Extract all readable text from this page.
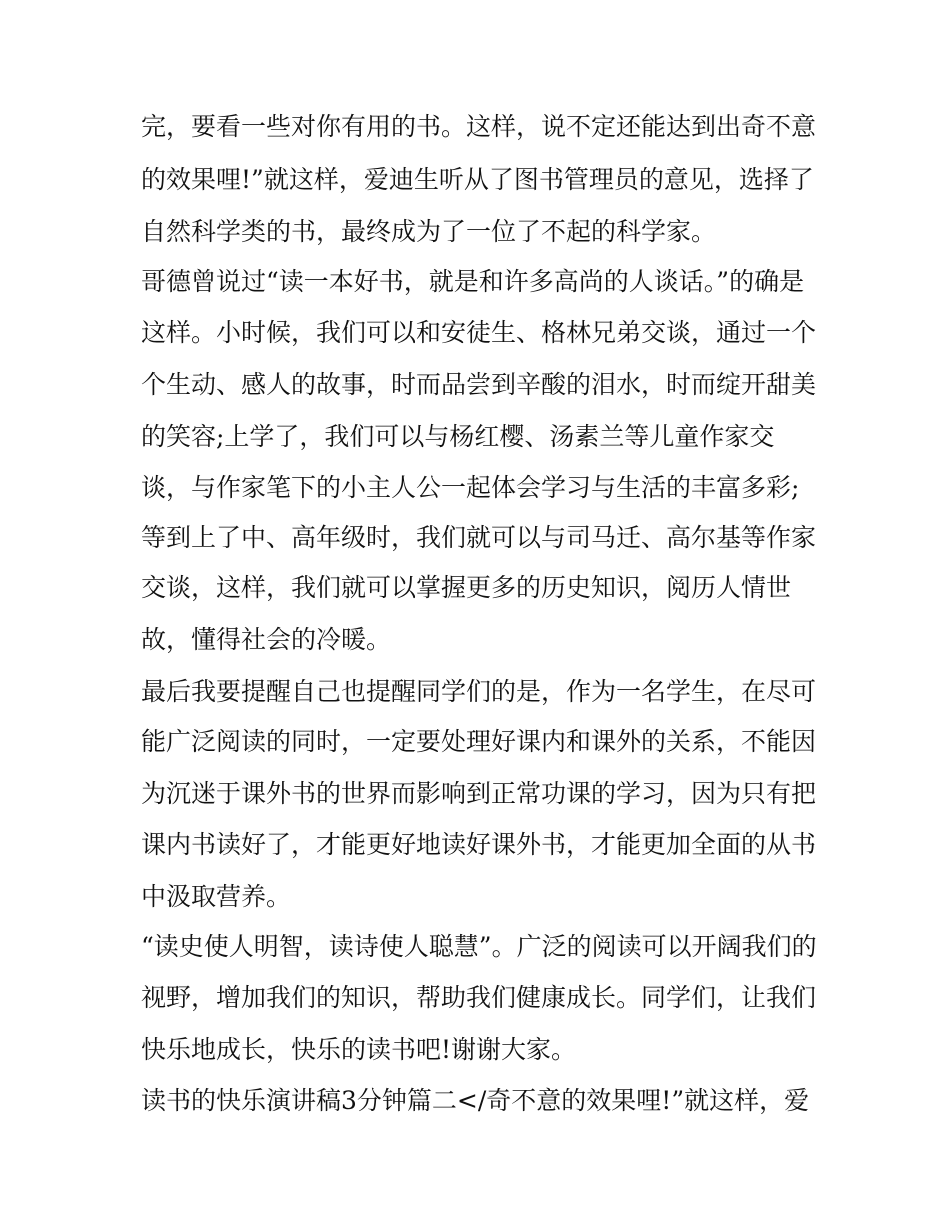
完，要看一些对你有用的书。这样，说不定还能达到出奇不意
的效果哩!”就这样，爱迪生听从了图书管理员的意见，选择了
自然科学类的书，最终成为了一位了不起的科学家。
哥德曾说过“读一本好书，就是和许多高尚的人谈话。”的确是
这样。小时候，我们可以和安徒生、格林兄弟交谈，通过一个
个生动、感人的故事，时而品尝到辛酸的泪水，时而绽开甜美
的笑容;上学了，我们可以与杨红樱、汤素兰等儿童作家交
谈，与作家笔下的小主人公一起体会学习与生活的丰富多彩;
等到上了中、高年级时，我们就可以与司马迁、高尔基等作家
交谈，这样，我们就可以掌握更多的历史知识，阅历人情世
故，懂得社会的冷暖。
最后我要提醒自己也提醒同学们的是，作为一名学生，在尽可
能广泛阅读的同时，一定要处理好课内和课外的关系，不能因
为沉迷于课外书的世界而影响到正常功课的学习，因为只有把
课内书读好了，才能更好地读好课外书，才能更加全面的从书
中汲取营养。
“读史使人明智，读诗使人聪慧”。广泛的阅读可以开阔我们的
视野，增加我们的知识，帮助我们健康成长。同学们，让我们
快乐地成长，快乐的读书吧!谢谢大家。
读书的快乐演讲稿3分钟篇二</奇不意的效果哩!”就这样，爱
